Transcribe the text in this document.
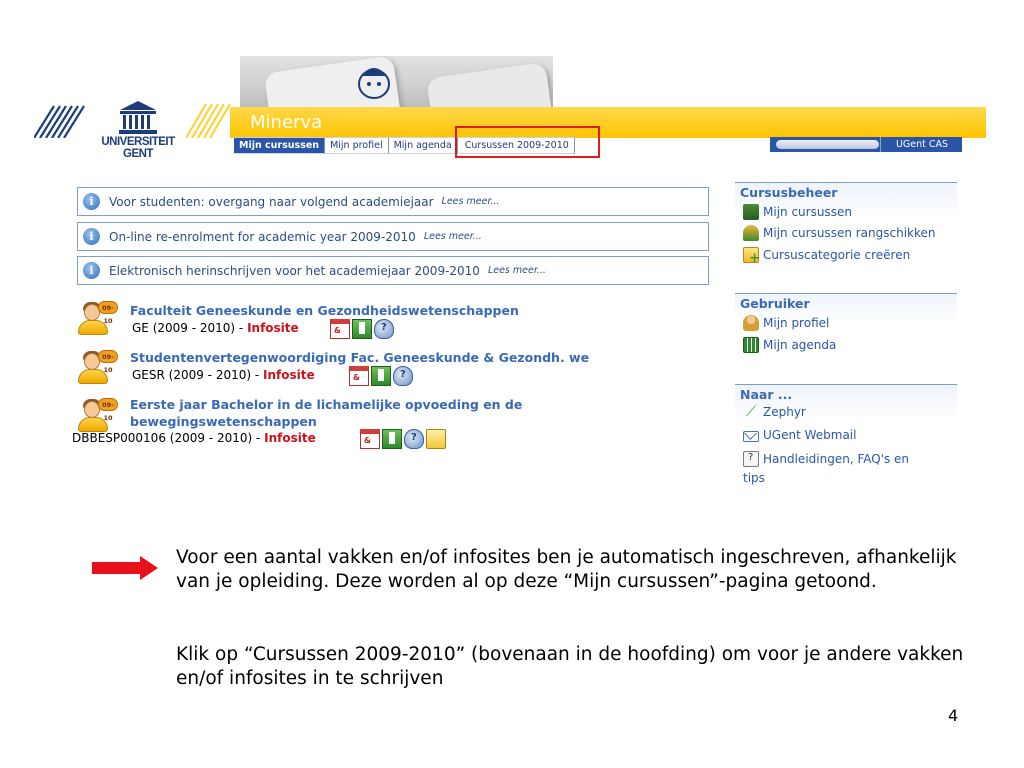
UNIVERSITEIT
GENT
Minerva
Mijn cursussen	Mijn profiel	Mijn agenda	Cursussen 2009-2010	UGent CAS logout
i	Voor studenten: overgang naar volgend academiejaar Lees meer...
i	On-line re-enrolment for academic year 2009-2010 Lees meer...
i	Elektronisch herinschrijven voor het academiejaar 2009-2010 Lees meer...
09-10
Faculteit Geneeskunde en Gezondheidswetenschappen
GE (2009 - 2010) - Infosite	&	?
09-10
Studentenvertegenwoordiging Fac. Geneeskunde & Gezondh. we
GESR (2009 - 2010) - Infosite	&	?
09-10
Eerste jaar Bachelor in de lichamelijke opvoeding en de
bewegingswetenschappen
DBBESP000106 (2009 - 2010) - Infosite	&	?
Cursusbeheer
Mijn cursussen
Mijn cursussen rangschikken
+
Cursuscategorie creëren
Gebruiker
Mijn profiel
Mijn agenda
Naar ...
⟋ Zephyr
UGent Webmail
?
Handleidingen, FAQ's en
tips
Voor een aantal vakken en/of infosites ben je automatisch ingeschreven, afhankelijk van je opleiding. Deze worden al op deze “Mijn cursussen”-pagina getoond.
Klik op “Cursussen 2009-2010” (bovenaan in de hoofding) om voor je andere vakken en/of infosites in te schrijven
4
